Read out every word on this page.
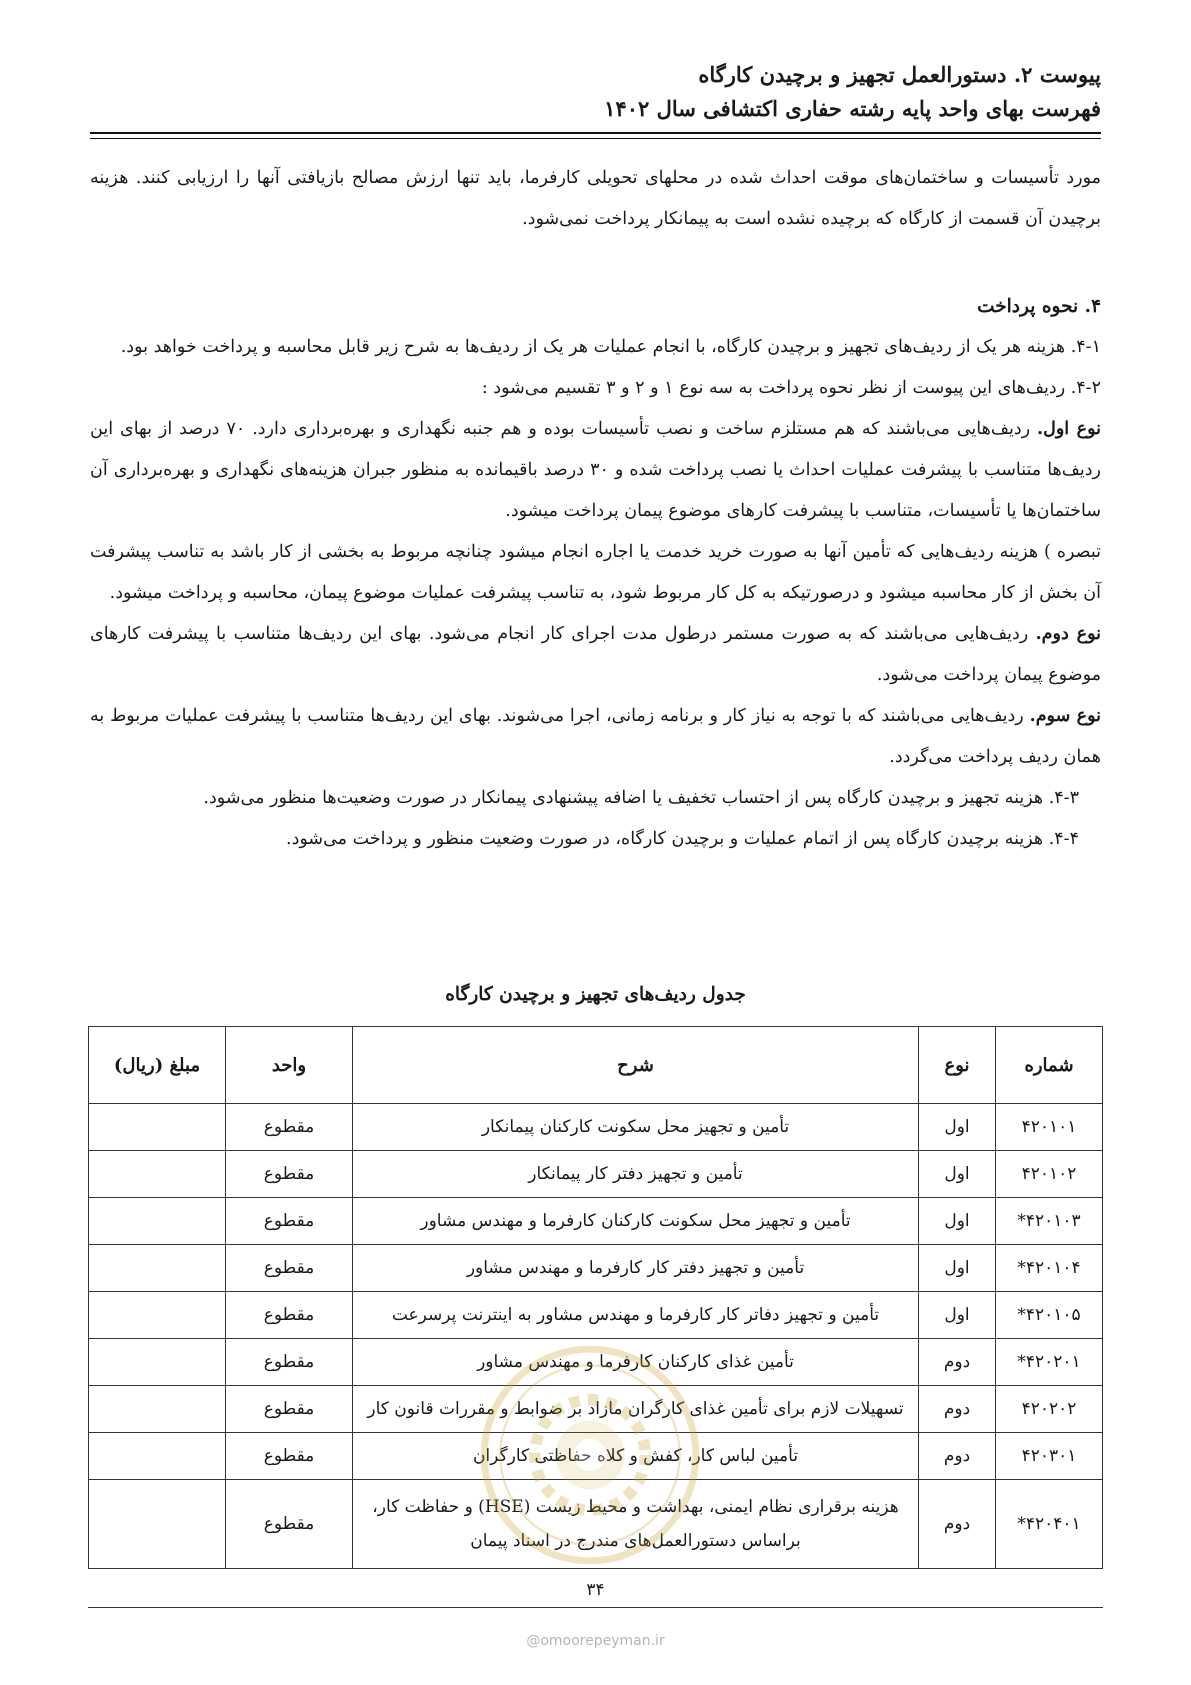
پیوست ۲. دستورالعمل تجهیز و برچیدن کارگاه
فهرست بهای واحد پایه رشته حفاری اکتشافی سال ۱۴۰۲

مورد تأسیسات و ساختمان‌های موقت احداث شده در محلهای تحویلی کارفرما، باید تنها ارزش مصالح بازیافتی آنها را ارزیابی کنند. هزینه برچیدن آن قسمت از کارگاه که برچیده نشده است به پیمانکار پرداخت نمی‌شود.

۴. نحوه پرداخت

۴-۱. هزینه هر یک از ردیف‌های تجهیز و برچیدن کارگاه، با انجام عملیات هر یک از ردیف‌ها به شرح زیر قابل محاسبه و پرداخت خواهد بود.

۴-۲. ردیف‌های این پیوست از نظر نحوه پرداخت به سه نوع ۱ و ۲ و ۳ تقسیم می‌شود :

نوع اول. ردیف‌هایی می‌باشند که هم مستلزم ساخت و نصب تأسیسات بوده و هم جنبه نگهداری و بهره‌برداری دارد. ۷۰ درصد از بهای این ردیف‌ها متناسب با پیشرفت عملیات احداث یا نصب پرداخت شده و ۳۰ درصد باقیمانده به منظور جبران هزینه‌های نگهداری و بهره‌برداری آن ساختمان‌ها یا تأسیسات، متناسب با پیشرفت کارهای موضوع پیمان پرداخت میشود.

تبصره ) هزینه ردیف‌هایی که تأمین آنها به صورت خرید خدمت یا اجاره انجام میشود چنانچه مربوط به بخشی از کار باشد به تناسب پیشرفت آن بخش از کار محاسبه میشود و درصورتیکه به کل کار مربوط شود، به تناسب پیشرفت عملیات موضوع پیمان، محاسبه و پرداخت میشود.

نوع دوم. ردیف‌هایی می‌باشند که به صورت مستمر درطول مدت اجرای کار انجام می‌شود. بهای این ردیف‌ها متناسب با پیشرفت کارهای موضوع پیمان پرداخت می‌شود.

نوع سوم. ردیف‌هایی می‌باشند که با توجه به نیاز کار و برنامه زمانی، اجرا می‌شوند. بهای این ردیف‌ها متناسب با پیشرفت عملیات مربوط به همان ردیف پرداخت می‌گردد.

۴-۳. هزینه تجهیز و برچیدن کارگاه پس از احتساب تخفیف یا اضافه پیشنهادی پیمانکار در صورت وضعیت‌ها منظور می‌شود.

۴-۴. هزینه برچیدن کارگاه پس از اتمام عملیات و برچیدن کارگاه، در صورت وضعیت منظور و پرداخت می‌شود.

جدول ردیف‌های تجهیز و برچیدن کارگاه
شماره	نوع	شرح	واحد	مبلغ (ریال)
۴۲۰۱۰۱	اول	تأمین و تجهیز محل سکونت کارکنان پیمانکار	مقطوع	
۴۲۰۱۰۲	اول	تأمین و تجهیز دفتر کار پیمانکار	مقطوع	
۴۲۰۱۰۳*	اول	تأمین و تجهیز محل سکونت کارکنان کارفرما و مهندس مشاور	مقطوع	
۴۲۰۱۰۴*	اول	تأمین و تجهیز دفتر کار کارفرما و مهندس مشاور	مقطوع	
۴۲۰۱۰۵*	اول	تأمین و تجهیز دفاتر کار کارفرما و مهندس مشاور به اینترنت پرسرعت	مقطوع	
۴۲۰۲۰۱*	دوم	تأمین غذای کارکنان کارفرما و مهندس مشاور	مقطوع	
۴۲۰۲۰۲	دوم	تسهیلات لازم برای تأمین غذای کارگران مازاد بر ضوابط و مقررات قانون کار	مقطوع	
۴۲۰۳۰۱	دوم	تأمین لباس کار، کفش و کلاه حفاظتی کارگران	مقطوع	
۴۲۰۴۰۱*	دوم	هزینه برقراری نظام ایمنی، بهداشت و محیط زیست (HSE) و حفاظت کار،
براساس دستورالعمل‌های مندرج در اسناد پیمان	مقطوع	
۳۴
@omoorepeyman.ir
